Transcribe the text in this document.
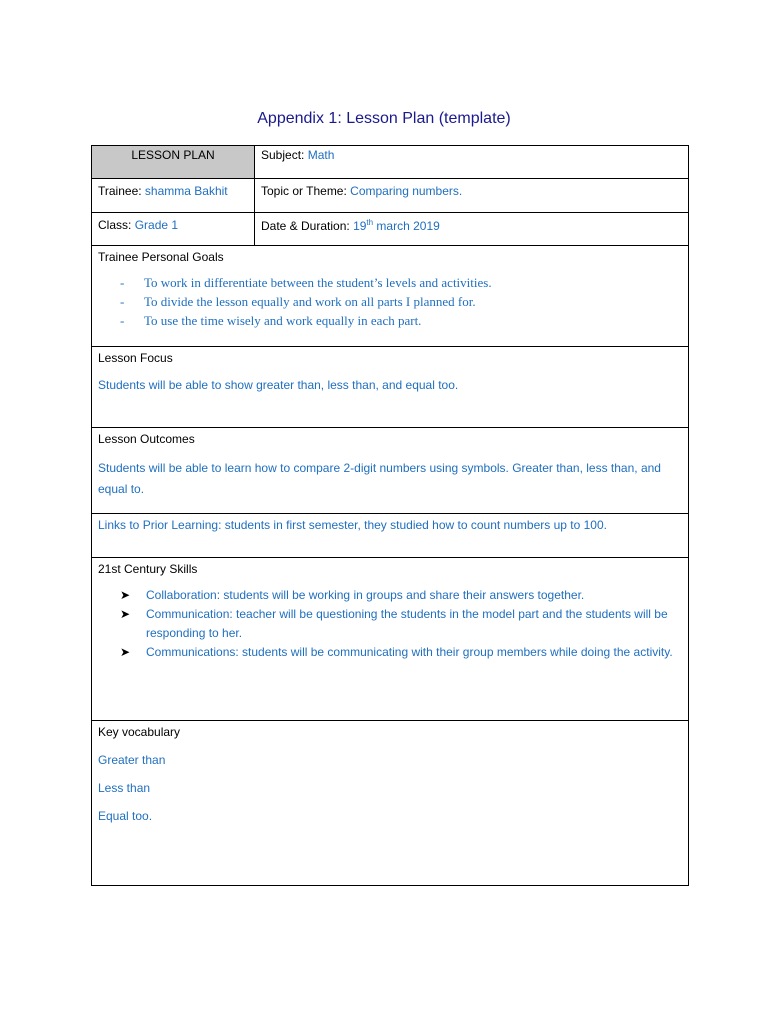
Appendix 1: Lesson Plan (template)
LESSON PLAN	Subject: Math
Trainee: shamma Bakhit	Topic or Theme: Comparing numbers.
Class: Grade 1	Date & Duration: 19th march 2019
Trainee Personal Goals
- To work in differentiate between the student’s levels and activities.
- To divide the lesson equally and work on all parts I planned for.
- To use the time wisely and work equally in each part.
Lesson Focus
Students will be able to show greater than, less than, and equal too.
Lesson Outcomes
Students will be able to learn how to compare 2-digit numbers using symbols. Greater than, less than, and equal to.
Links to Prior Learning: students in first semester, they studied how to count numbers up to 100.
21st Century Skills
➤ Collaboration: students will be working in groups and share their answers together.
➤ Communication: teacher will be questioning the students in the model part and the students will be responding to her.
➤ Communications: students will be communicating with their group members while doing the activity.
Key vocabulary
Greater than
Less than
Equal too.
